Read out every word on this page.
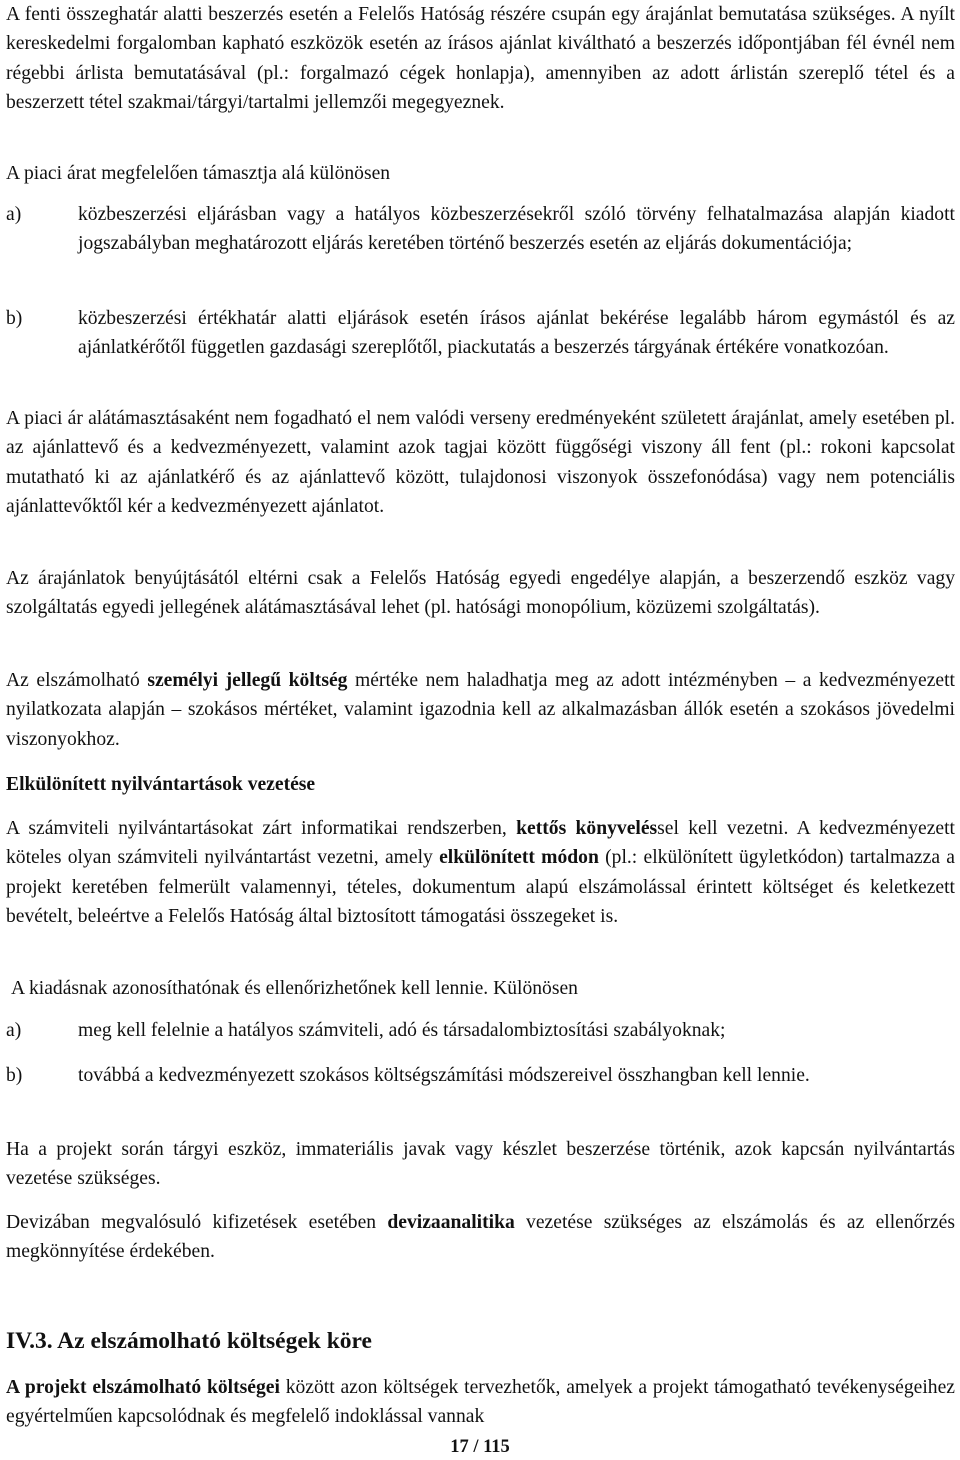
A fenti összeghatár alatti beszerzés esetén a Felelős Hatóság részére csupán egy árajánlat bemutatása szükséges. A nyílt kereskedelmi forgalomban kapható eszközök esetén az írásos ajánlat kiváltható a beszerzés időpontjában fél évnél nem régebbi árlista bemutatásával (pl.: forgalmazó cégek honlapja), amennyiben az adott árlistán szereplő tétel és a beszerzett tétel szakmai/tárgyi/tartalmi jellemzői megegyeznek.

A piaci árat megfelelően támasztja alá különösen

a)	közbeszerzési eljárásban vagy a hatályos közbeszerzésekről szóló törvény felhatalmazása alapján kiadott jogszabályban meghatározott eljárás keretében történő beszerzés esetén az eljárás dokumentációja;

b)	közbeszerzési értékhatár alatti eljárások esetén írásos ajánlat bekérése legalább három egymástól és az ajánlatkérőtől független gazdasági szereplőtől, piackutatás a beszerzés tárgyának értékére vonatkozóan.

A piaci ár alátámasztásaként nem fogadható el nem valódi verseny eredményeként született árajánlat, amely esetében pl. az ajánlattevő és a kedvezményezett, valamint azok tagjai között függőségi viszony áll fent (pl.: rokoni kapcsolat mutatható ki az ajánlatkérő és az ajánlattevő között, tulajdonosi viszonyok összefonódása) vagy nem potenciális ajánlattevőktől kér a kedvezményezett ajánlatot.

Az árajánlatok benyújtásától eltérni csak a Felelős Hatóság egyedi engedélye alapján, a beszerzendő eszköz vagy szolgáltatás egyedi jellegének alátámasztásával lehet (pl. hatósági monopólium, közüzemi szolgáltatás).

Az elszámolható személyi jellegű költség mértéke nem haladhatja meg az adott intézményben – a kedvezményezett nyilatkozata alapján – szokásos mértéket, valamint igazodnia kell az alkalmazásban állók esetén a szokásos jövedelmi viszonyokhoz.

Elkülönített nyilvántartások vezetése

A számviteli nyilvántartásokat zárt informatikai rendszerben, kettős könyveléssel kell vezetni. A kedvezményezett köteles olyan számviteli nyilvántartást vezetni, amely elkülönített módon (pl.: elkülönített ügyletkódon) tartalmazza a projekt keretében felmerült valamennyi, tételes, dokumentum alapú elszámolással érintett költséget és keletkezett bevételt, beleértve a Felelős Hatóság által biztosított támogatási összegeket is.

A kiadásnak azonosíthatónak és ellenőrizhetőnek kell lennie. Különösen

a)	meg kell felelnie a hatályos számviteli, adó és társadalombiztosítási szabályoknak;

b)	továbbá a kedvezményezett szokásos költségszámítási módszereivel összhangban kell lennie.

Ha a projekt során tárgyi eszköz, immateriális javak vagy készlet beszerzése történik, azok kapcsán nyilvántartás vezetése szükséges.

Devizában megvalósuló kifizetések esetében devizaanalitika vezetése szükséges az elszámolás és az ellenőrzés megkönnyítése érdekében.

IV.3. Az elszámolható költségek köre

A projekt elszámolható költségei között azon költségek tervezhetők, amelyek a projekt támogatható tevékenységeihez egyértelműen kapcsolódnak és megfelelő indoklással vannak

17 / 115
